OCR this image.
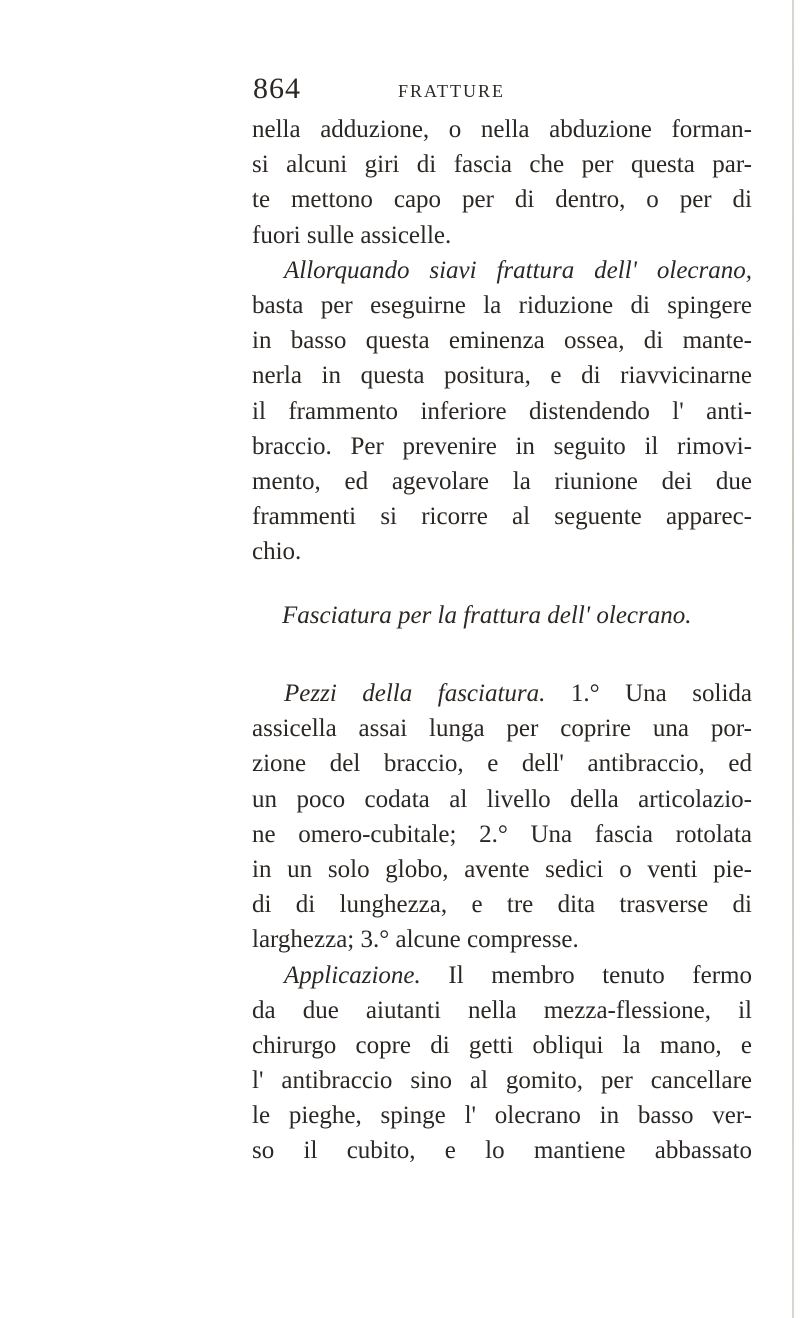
864	FRATTURE
nella adduzione, o nella abduzione forman-
si alcuni giri di fascia che per questa par-
te mettono capo per di dentro, o per di
fuori sulle assicelle.
Allorquando siavi frattura dell' olecrano,
basta per eseguirne la riduzione di spingere
in basso questa eminenza ossea, di mante-
nerla in questa positura, e di riavvicinarne
il frammento inferiore distendendo l' anti-
braccio. Per prevenire in seguito il rimovi-
mento, ed agevolare la riunione dei due
frammenti si ricorre al seguente apparec-
chio.
Fasciatura per la frattura dell' olecrano.
Pezzi della fasciatura. 1.° Una solida
assicella assai lunga per coprire una por-
zione del braccio, e dell' antibraccio, ed
un poco codata al livello della articolazio-
ne omero-cubitale; 2.° Una fascia rotolata
in un solo globo, avente sedici o venti pie-
di di lunghezza, e tre dita trasverse di
larghezza; 3.° alcune compresse.
Applicazione. Il membro tenuto fermo
da due aiutanti nella mezza-flessione, il
chirurgo copre di getti obliqui la mano, e
l' antibraccio sino al gomito, per cancellare
le pieghe, spinge l' olecrano in basso ver-
so il cubito, e lo mantiene abbassato
